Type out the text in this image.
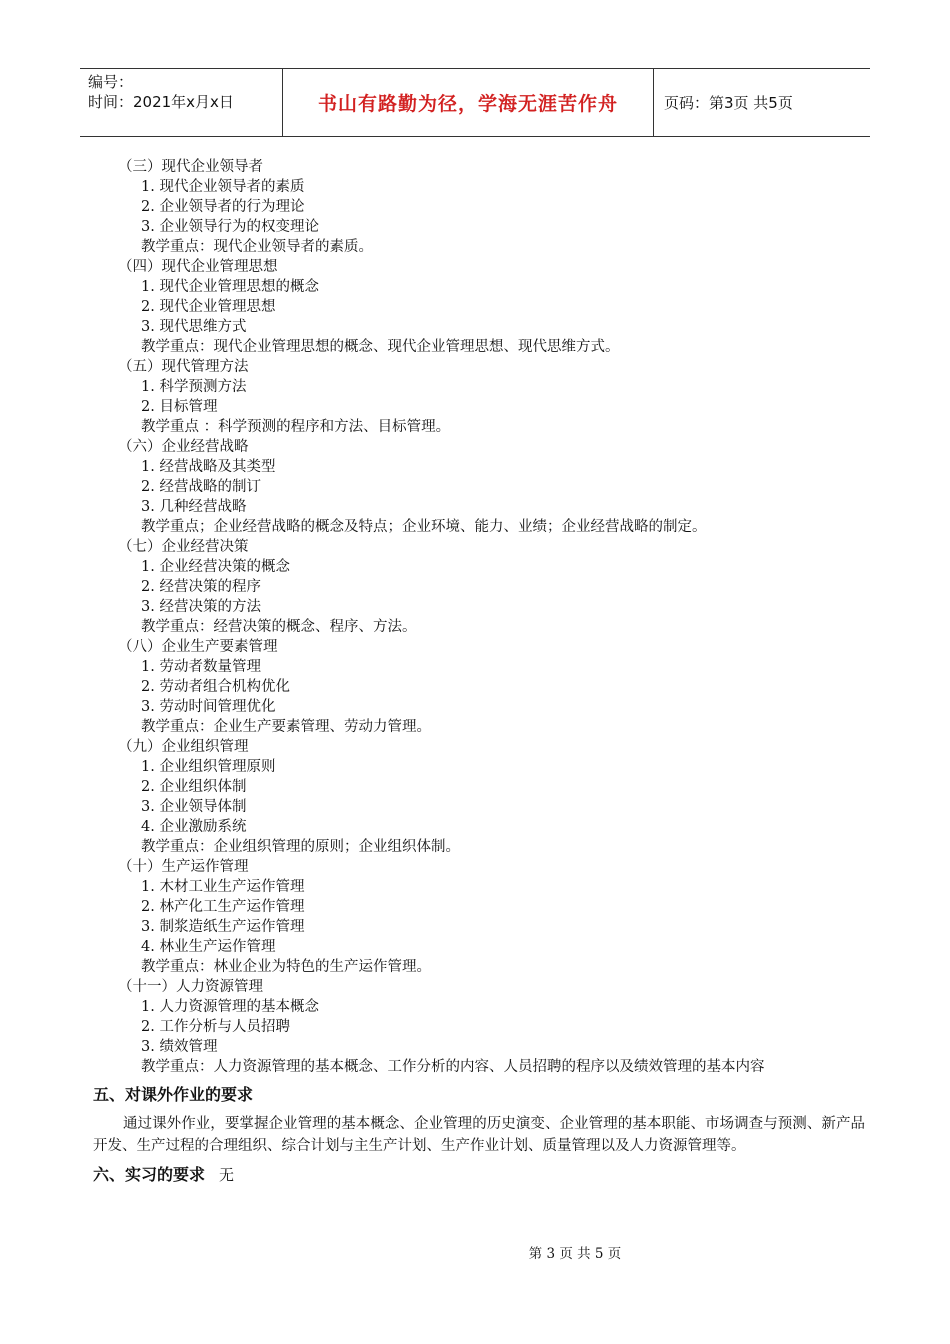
编号：
时间：2021年x月x日	书山有路勤为径，学海无涯苦作舟	页码：第3页 共5页
（三）现代企业领导者
1. 现代企业领导者的素质
2. 企业领导者的行为理论
3. 企业领导行为的权变理论
教学重点：现代企业领导者的素质。
（四）现代企业管理思想
1. 现代企业管理思想的概念
2. 现代企业管理思想
3. 现代思维方式
教学重点：现代企业管理思想的概念、现代企业管理思想、现代思维方式。
（五）现代管理方法
1. 科学预测方法
2. 目标管理
教学重点 ：科学预测的程序和方法、目标管理。
（六）企业经营战略
1. 经营战略及其类型
2. 经营战略的制订
3. 几种经营战略
教学重点；企业经营战略的概念及特点；企业环境、能力、业绩；企业经营战略的制定。
（七）企业经营决策
1. 企业经营决策的概念
2. 经营决策的程序
3. 经营决策的方法
教学重点：经营决策的概念、程序、方法。
（八）企业生产要素管理
1. 劳动者数量管理
2. 劳动者组合机构优化
3. 劳动时间管理优化
教学重点：企业生产要素管理、劳动力管理。
（九）企业组织管理
1. 企业组织管理原则
2. 企业组织体制
3. 企业领导体制
4. 企业激励系统
教学重点：企业组织管理的原则；企业组织体制。
（十）生产运作管理
1. 木材工业生产运作管理
2. 林产化工生产运作管理
3. 制浆造纸生产运作管理
4. 林业生产运作管理
教学重点：林业企业为特色的生产运作管理。
（十一）人力资源管理
1. 人力资源管理的基本概念
2. 工作分析与人员招聘
3. 绩效管理
教学重点：人力资源管理的基本概念、工作分析的内容、人员招聘的程序以及绩效管理的基本内容
五、对课外作业的要求
通过课外作业，要掌握企业管理的基本概念、企业管理的历史演变、企业管理的基本职能、市场调查与预测、新产品开发、生产过程的合理组织、综合计划与主生产计划、生产作业计划、质量管理以及人力资源管理等。
六、实习的要求 无
第 3 页 共 5 页
